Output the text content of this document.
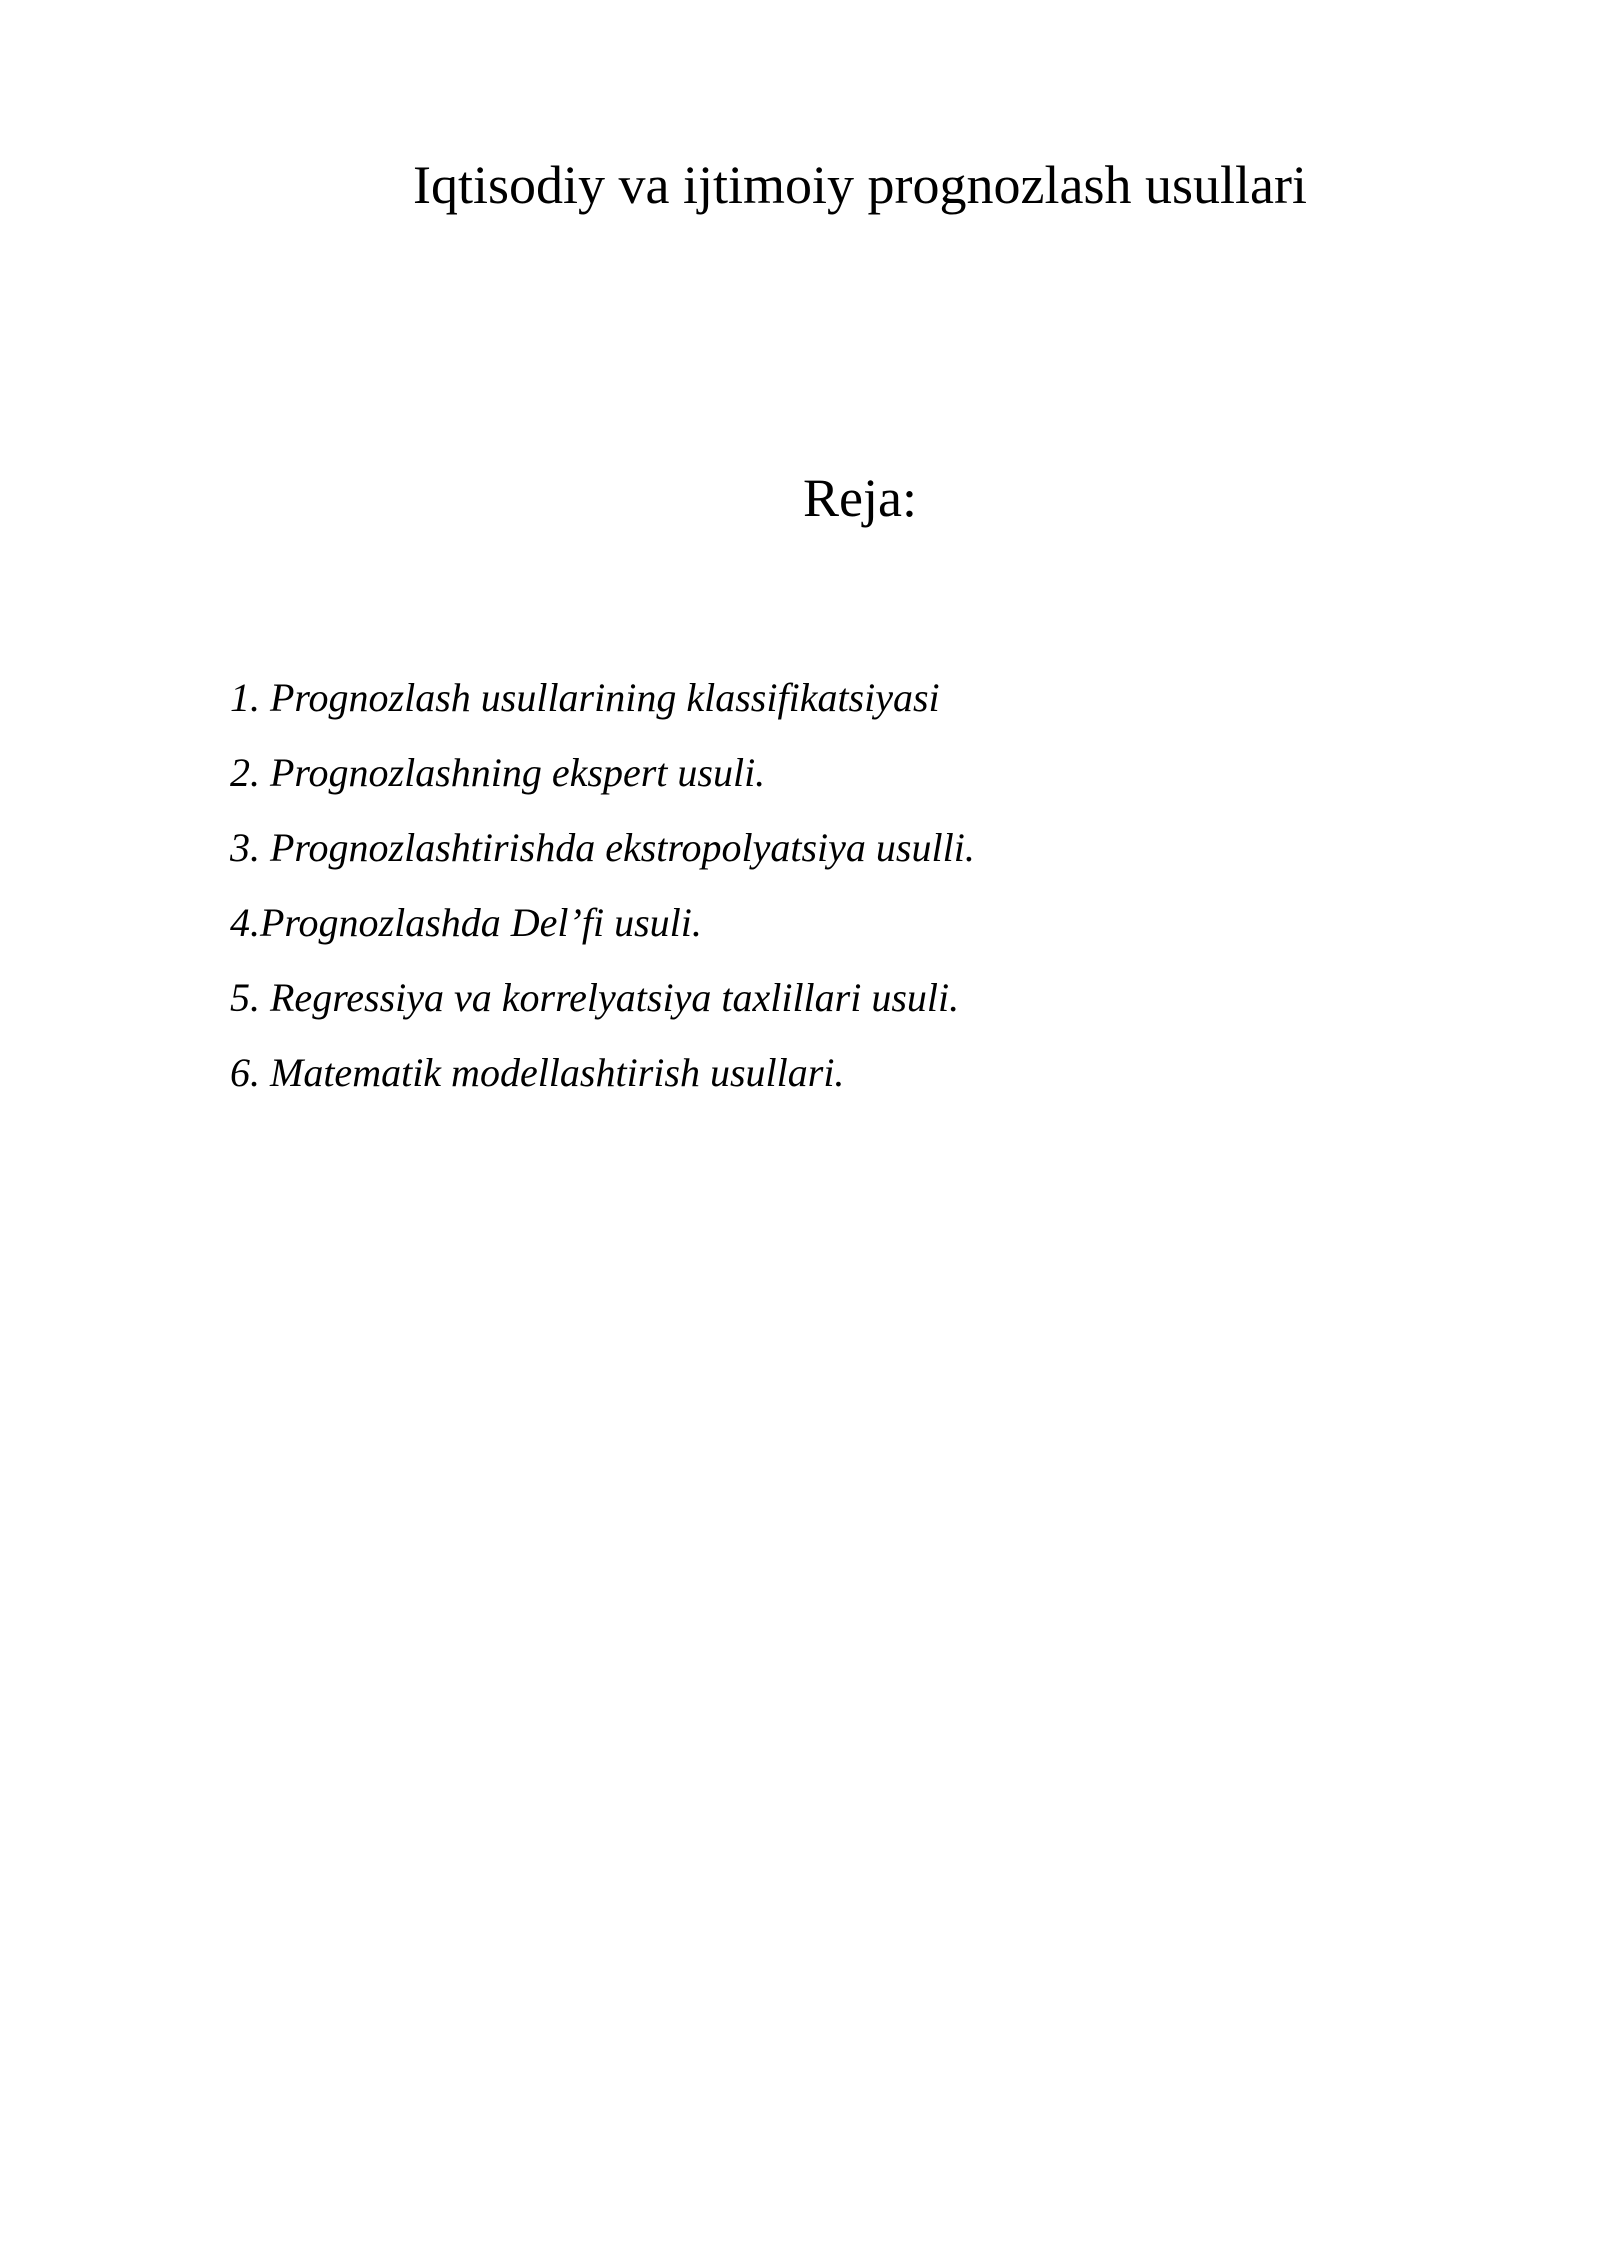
Iqtisodiy va ijtimoiy prognozlash usullari
Reja:
1. Prognozlash usullarining klassifikatsiyasi
2. Prognozlashning ekspert usuli.
3. Prognozlashtirishda ekstropolyatsiya usulli.
4.Prognozlashda Del’fi usuli.
5. Regressiya va korrelyatsiya taxlillari usuli.
6. Matematik modellashtirish usullari.
